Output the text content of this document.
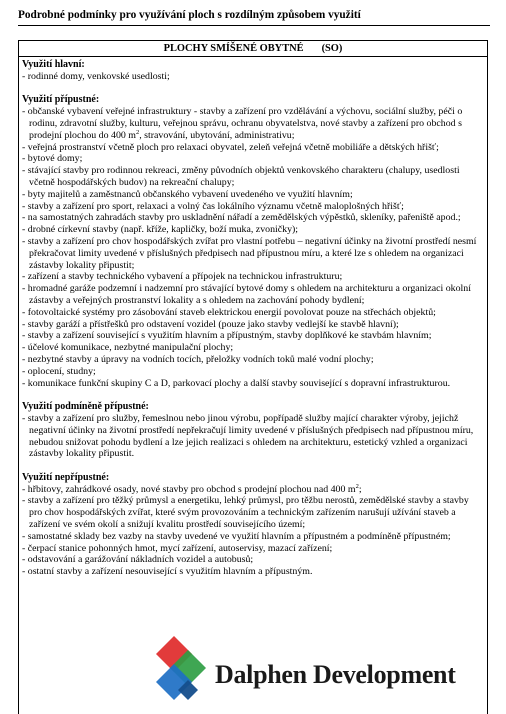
Podrobné podmínky pro využívání ploch s rozdílným způsobem využití
PLOCHY SMÍŠENÉ OBYTNÉ (SO)
Využití hlavní:
- rodinné domy, venkovské usedlosti;
Využití přípustné:
- občanské vybavení veřejné infrastruktury - stavby a zařízení pro vzdělávání a výchovu, sociální služby, péči o rodinu, zdravotní služby, kulturu, veřejnou správu, ochranu obyvatelstva, nové stavby a zařízení pro obchod s prodejní plochou do 400 $m^2$, stravování, ubytování, administrativu;
- veřejná prostranství včetně ploch pro relaxaci obyvatel, zeleň veřejná včetně mobiliáře a dětských hřišť;
- bytové domy;
- stávající stavby pro rodinnou rekreaci, změny původních objektů venkovského charakteru (chalupy, usedlosti včetně hospodářských budov) na rekreační chalupy;
- byty majitelů a zaměstnanců občanského vybavení uvedeného ve využití hlavním;
- stavby a zařízení pro sport, relaxaci a volný čas lokálního významu včetně maloplošných hřišť;
- na samostatných zahradách stavby pro uskladnění nářadí a zemědělských výpěstků, skleníky, pařeniště apod.;
- drobné církevní stavby (např. kříže, kapličky, boží muka, zvoničky);
- stavby a zařízení pro chov hospodářských zvířat pro vlastní potřebu – negativní účinky na životní prostředí nesmí překračovat limity uvedené v příslušných předpisech nad přípustnou míru, a které lze s ohledem na organizaci zástavby lokality připustit;
- zařízení a stavby technického vybavení a přípojek na technickou infrastrukturu;
- hromadné garáže podzemní i nadzemní pro stávající bytové domy s ohledem na architekturu a organizaci okolní zástavby a veřejných prostranství lokality a s ohledem na zachování pohody bydlení;
- fotovoltaické systémy pro zásobování staveb elektrickou energií povolovat pouze na střechách objektů;
- stavby garáží a přístřešků pro odstavení vozidel (pouze jako stavby vedlejší ke stavbě hlavní);
- stavby a zařízení související s využitím hlavním a přípustným, stavby doplňkové ke stavbám hlavním;
- účelové komunikace, nezbytné manipulační plochy;
- nezbytné stavby a úpravy na vodních tocích, přeložky vodních toků malé vodní plochy;
- oplocení, studny;
- komunikace funkční skupiny C a D, parkovací plochy a další stavby související s dopravní infrastrukturou.
Využití podmíněně přípustné:
- stavby a zařízení pro služby, řemeslnou nebo jinou výrobu, popřípadě služby mající charakter výroby, jejichž negativní účinky na životní prostředí nepřekračují limity uvedené v příslušných předpisech nad přípustnou míru, nebudou snižovat pohodu bydlení a lze jejich realizaci s ohledem na architekturu, estetický vzhled a organizaci zástavby lokality připustit.
Využití nepřípustné:
- hřbitovy, zahrádkové osady, nové stavby pro obchod s prodejní plochou nad 400 $m^2$;
- stavby a zařízení pro těžký průmysl a energetiku, lehký průmysl, pro těžbu nerostů, zemědělské stavby a stavby pro chov hospodářských zvířat, které svým provozováním a technickým zařízením narušují užívání staveb a zařízení ve svém okolí a snižují kvalitu prostředí souvisejícího území;
- samostatné sklady bez vazby na stavby uvedené ve využití hlavním a přípustném a podmíněně přípustném;
- čerpací stanice pohonných hmot, mycí zařízení, autoservisy, mazací zařízení;
- odstavování a garážování nákladních vozidel a autobusů;
- ostatní stavby a zařízení nesouvisející s využitím hlavním a přípustným.
Dalphen Development
